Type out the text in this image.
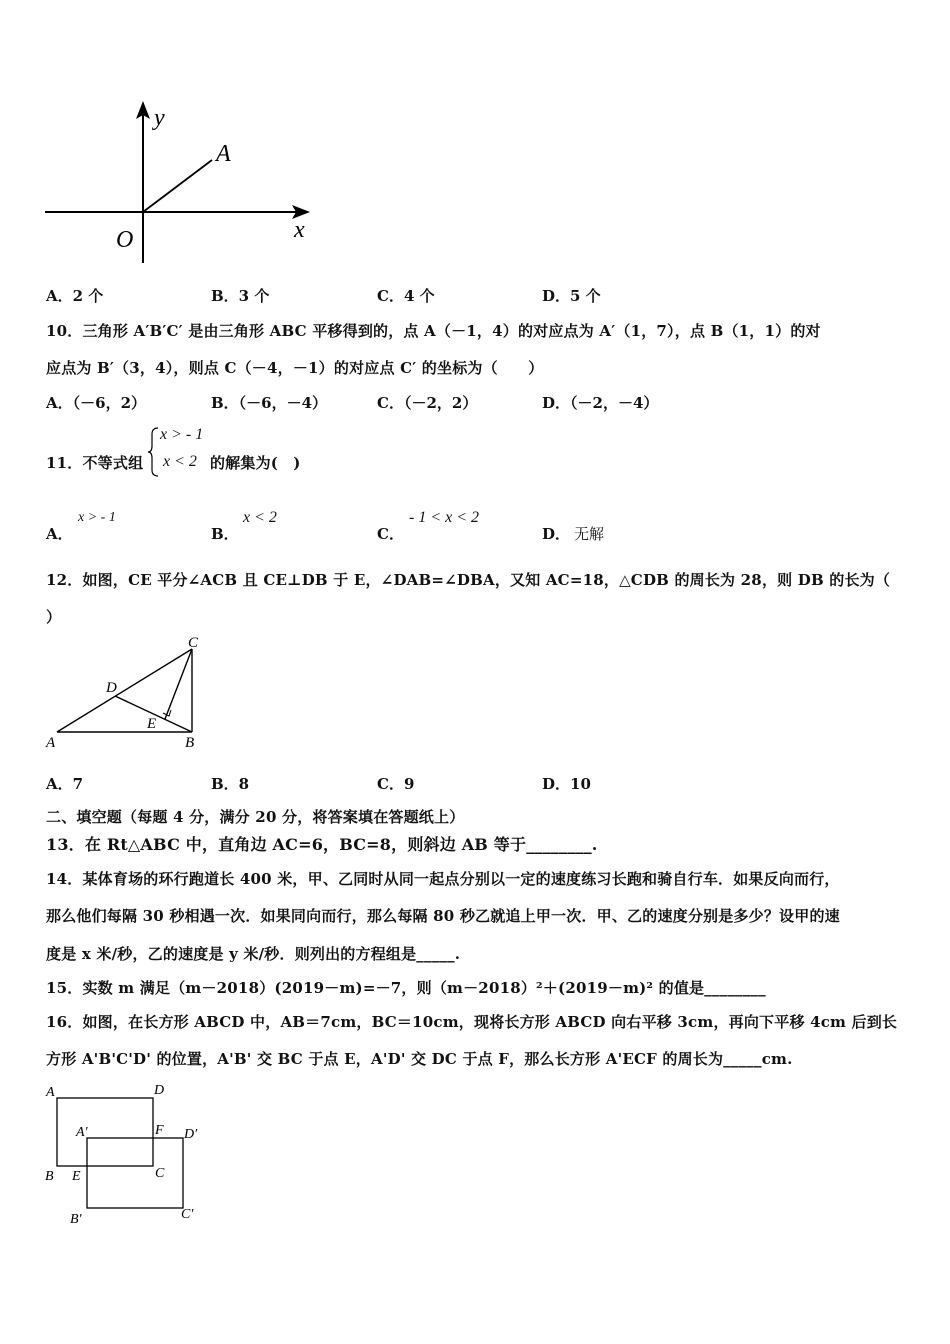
y
x
O
A
A．2 个	B．3 个	C．4 个	D．5 个
10．三角形 A′B′C′ 是由三角形 ABC 平移得到的，点 A（－1，4）的对应点为 A′（1，7），点 B（1，1）的对
应点为 B′（3，4），则点 C（－4，－1）的对应点 C′ 的坐标为（　　）
A．（－6，2）	B．（－6，－4）	C．（－2，2）	D．（－2，－4）
11．不等式组
x > - 1
x < 2 的解集为(　)
A．
x > - 1
B．
x < 2
C．
- 1 < x < 2
D． 无解
12．如图，CE 平分∠ACB 且 CE⊥DB 于 E，∠DAB=∠DBA，又知 AC=18，△CDB 的周长为 28，则 DB 的长为（
）
C
D
E
A	B
A．7	B．8	C．9	D．10
二、填空题（每题 4 分，满分 20 分，将答案填在答题纸上）
13．在 Rt△ABC 中，直角边 AC=6，BC=8，则斜边 AB 等于________.
14．某体育场的环行跑道长 400 米，甲、乙同时从同一起点分别以一定的速度练习长跑和骑自行车．如果反向而行，
那么他们每隔 30 秒相遇一次．如果同向而行，那么每隔 80 秒乙就追上甲一次．甲、乙的速度分别是多少？设甲的速
度是 x 米/秒，乙的速度是 y 米/秒．则列出的方程组是_____.
15．实数 m 满足（m－2018）(2019－m)=－7，则（m－2018）²＋(2019－m)² 的值是________
16．如图，在长方形 ABCD 中，AB＝7cm，BC＝10cm，现将长方形 ABCD 向右平移 3cm，再向下平移 4cm 后到长
方形 A'B'C'D' 的位置，A'B' 交 BC 于点 E，A'D' 交 DC 于点 F，那么长方形 A'ECF 的周长为_____cm.
A	D
A′	F D′
B E	C
B′	C′
